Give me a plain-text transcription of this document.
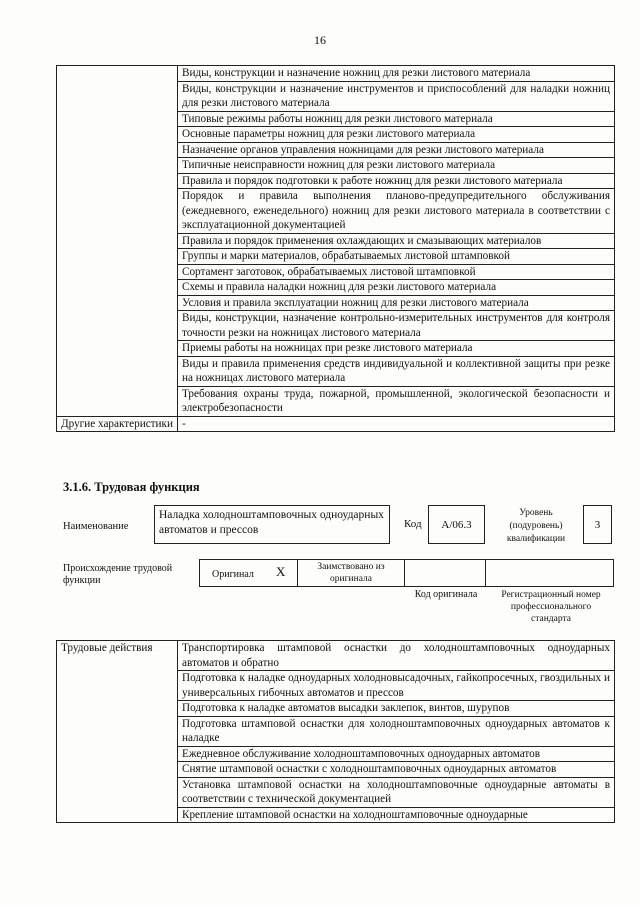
16
	Виды, конструкции и назначение ножниц для резки листового материала
	Виды, конструкции и назначение инструментов и приспособлений для наладки ножниц для резки листового материала
	Типовые режимы работы ножниц для резки листового материала
	Основные параметры ножниц для резки листового материала
	Назначение органов управления ножницами для резки листового материала
	Типичные неисправности ножниц для резки листового материала
	Правила и порядок подготовки к работе ножниц для резки листового материала
	Порядок и правила выполнения планово-предупредительного обслуживания (ежедневного, еженедельного) ножниц для резки листового материала в соответствии с эксплуатационной документацией
	Правила и порядок применения охлаждающих и смазывающих материалов
	Группы и марки материалов, обрабатываемых листовой штамповкой
	Сортамент заготовок, обрабатываемых листовой штамповкой
	Схемы и правила наладки ножниц для резки листового материала
	Условия и правила эксплуатации ножниц для резки листового материала
	Виды, конструкции, назначение контрольно-измерительных инструментов для контроля точности резки на ножницах листового материала
	Приемы работы на ножницах при резке листового материала
	Виды и правила применения средств индивидуальной и коллективной защиты при резке на ножницах листового материала
	Требования охраны труда, пожарной, промышленной, экологической безопасности и электробезопасности
Другие характеристики	-
3.1.6. Трудовая функция
Наименование
Наладка холодноштамповочных одноударных автоматов и прессов	Код А/06.3
Уровень (подуровень) квалификации
3
Происхождение трудовой функции
Оригинал X	Заимствовано из оригинала
Код оригинала	Регистрационный номер профессионального стандарта
Трудовые действия	Транспортировка штамповой оснастки до холодноштамповочных одноударных автоматов и обратно
Подготовка к наладке одноударных холодновысадочных, гайкопросечных, гвоздильных и универсальных гибочных автоматов и прессов
Подготовка к наладке автоматов высадки заклепок, винтов, шурупов
Подготовка штамповой оснастки для холодноштамповочных одноударных автоматов к наладке
Ежедневное обслуживание холодноштамповочных одноударных автоматов
Снятие штамповой оснастки с холодноштамповочных одноударных автоматов
Установка штамповой оснастки на холодноштамповочные одноударные автоматы в соответствии с технической документацией
Крепление штамповой оснастки на холодноштамповочные одноударные
